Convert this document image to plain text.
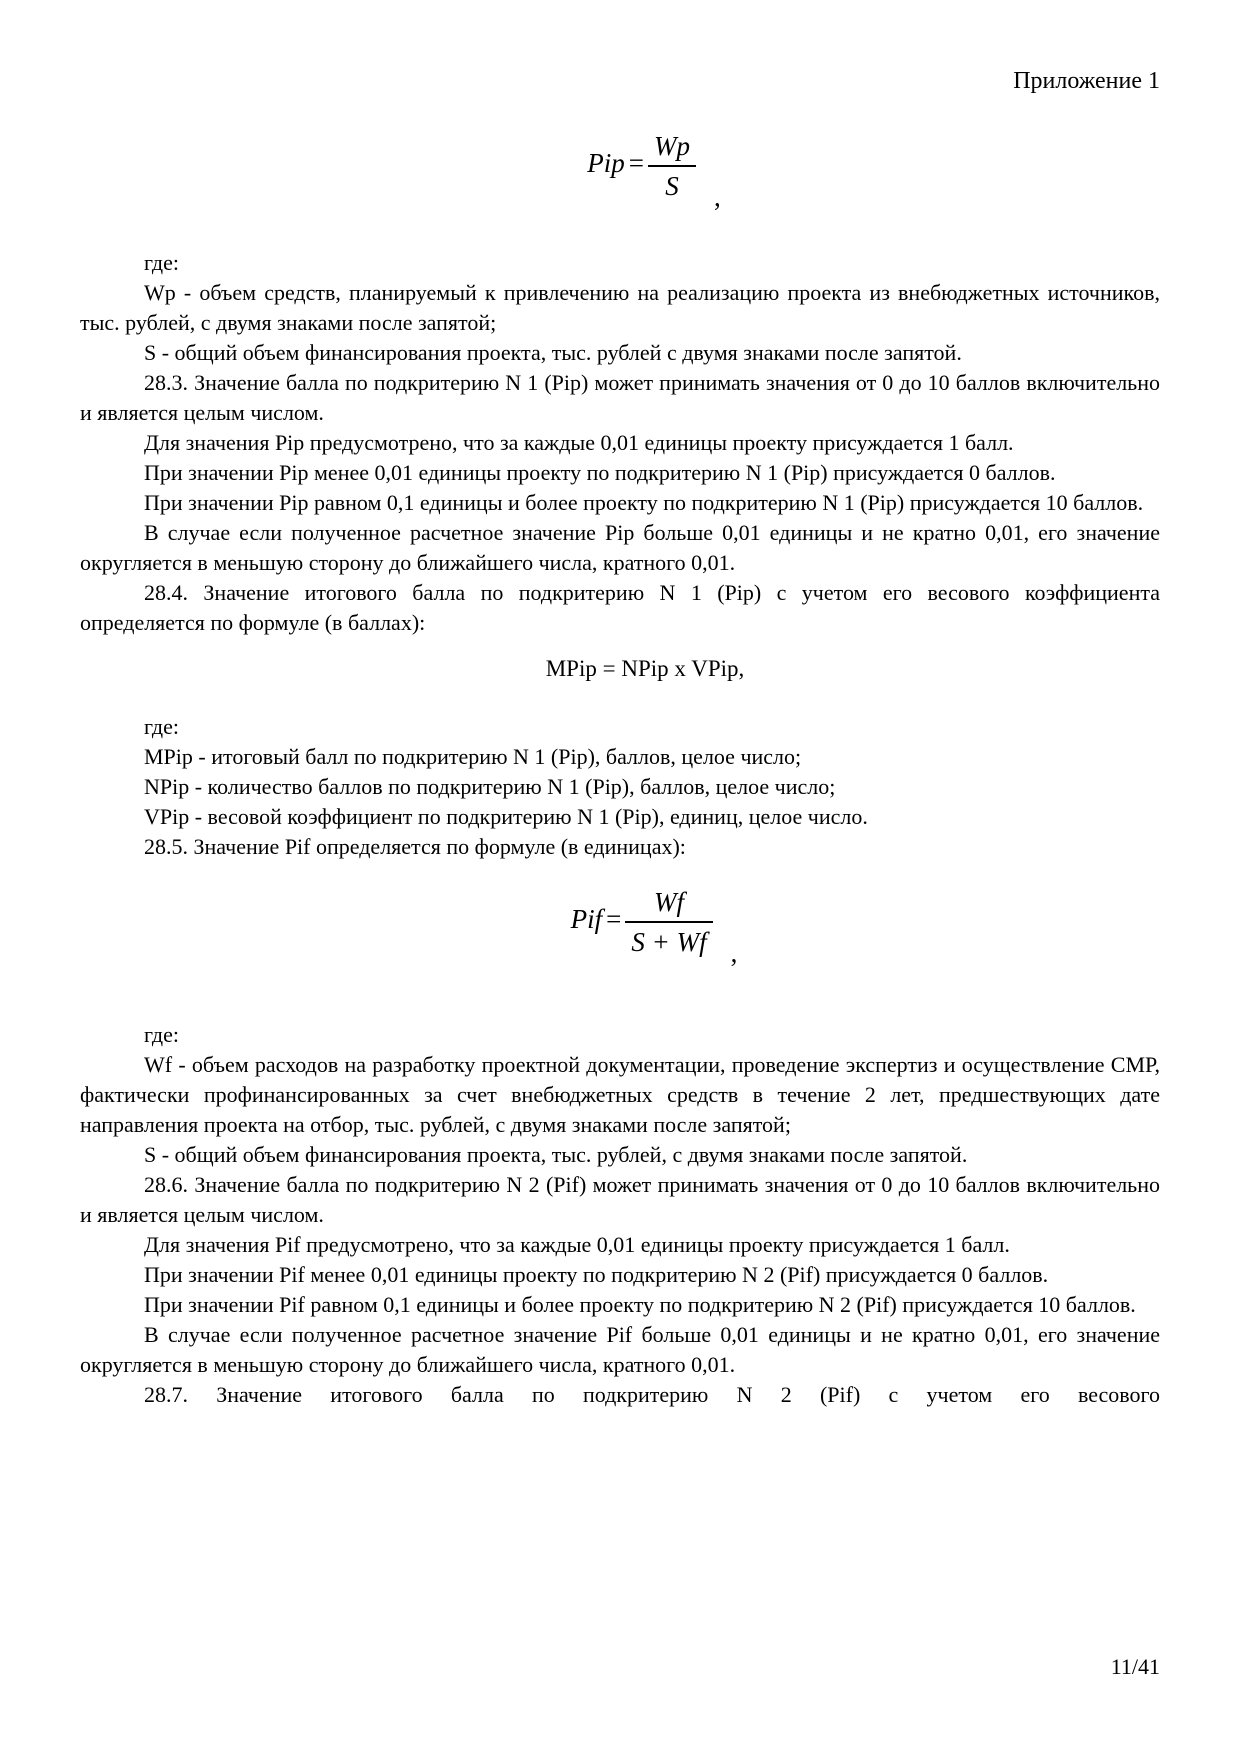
Приложение 1
Pip = $\frac{Wp}{S}$ ,

где:

Wp - объем средств, планируемый к привлечению на реализацию проекта из внебюджетных источников, тыс. рублей, с двумя знаками после запятой;

S - общий объем финансирования проекта, тыс. рублей с двумя знаками после запятой.

28.3. Значение балла по подкритерию N 1 (Pip) может принимать значения от 0 до 10 баллов включительно и является целым числом.

Для значения Pip предусмотрено, что за каждые 0,01 единицы проекту присуждается 1 балл.

При значении Pip менее 0,01 единицы проекту по подкритерию N 1 (Pip) присуждается 0 баллов.

При значении Pip равном 0,1 единицы и более проекту по подкритерию N 1 (Pip) присуждается 10 баллов.

В случае если полученное расчетное значение Pip больше 0,01 единицы и не кратно 0,01, его значение округляется в меньшую сторону до ближайшего числа, кратного 0,01.

28.4. Значение итогового балла по подкритерию N 1 (Pip) с учетом его весового коэффициента определяется по формуле (в баллах):

MPip = NPip x VPip,

где:

MPip - итоговый балл по подкритерию N 1 (Pip), баллов, целое число;

NPip - количество баллов по подкритерию N 1 (Pip), баллов, целое число;

VPip - весовой коэффициент по подкритерию N 1 (Pip), единиц, целое число.

28.5. Значение Pif определяется по формуле (в единицах):

Pif = $\frac{Wf}{S + Wf}$ ,

где:

Wf - объем расходов на разработку проектной документации, проведение экспертиз и осуществление СМР, фактически профинансированных за счет внебюджетных средств в течение 2 лет, предшествующих дате направления проекта на отбор, тыс. рублей, с двумя знаками после запятой;

S - общий объем финансирования проекта, тыс. рублей, с двумя знаками после запятой.

28.6. Значение балла по подкритерию N 2 (Pif) может принимать значения от 0 до 10 баллов включительно и является целым числом.

Для значения Pif предусмотрено, что за каждые 0,01 единицы проекту присуждается 1 балл.

При значении Pif менее 0,01 единицы проекту по подкритерию N 2 (Pif) присуждается 0 баллов.

При значении Pif равном 0,1 единицы и более проекту по подкритерию N 2 (Pif) присуждается 10 баллов.

В случае если полученное расчетное значение Pif больше 0,01 единицы и не кратно 0,01, его значение округляется в меньшую сторону до ближайшего числа, кратного 0,01.

28.7. Значение итогового балла по подкритерию N 2 (Pif) с учетом его весового

11/41
